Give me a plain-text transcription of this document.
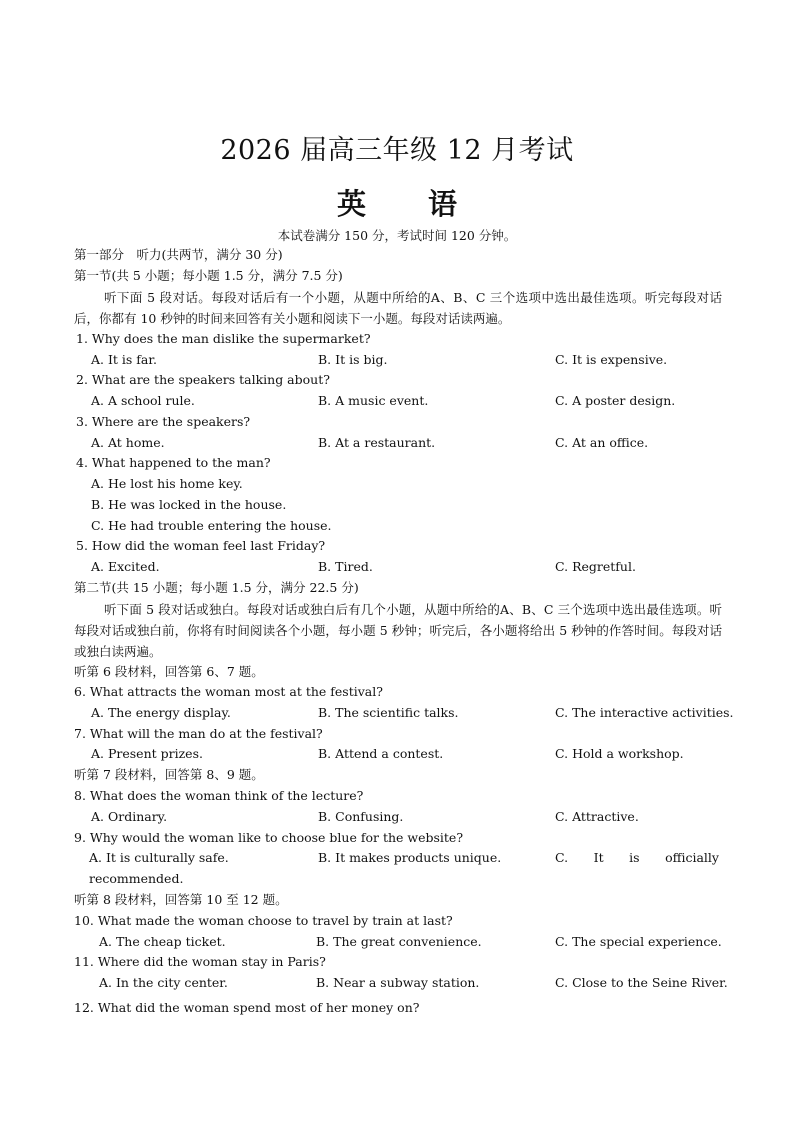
2026 届高三年级 12 月考试
英 语
本试卷满分 150 分，考试时间 120 分钟。
第一部分　听力(共两节，满分 30 分)
第一节(共 5 小题；每小题 1.5 分，满分 7.5 分)
听下面 5 段对话。每段对话后有一个小题，从题中所给的A、B、C 三个选项中选出最佳选项。听完每段对话后，你都有 10 秒钟的时间来回答有关小题和阅读下一小题。每段对话读两遍。
1. Why does the man dislike the supermarket?
A. It is far.	B. It is big.	C. It is expensive.
2. What are the speakers talking about?
A. A school rule.	B. A music event.	C. A poster design.
3. Where are the speakers?
A. At home.	B. At a restaurant.	C. At an office.
4. What happened to the man?
A. He lost his home key.
B. He was locked in the house.
C. He had trouble entering the house.
5. How did the woman feel last Friday?
A. Excited.	B. Tired.	C. Regretful.
第二节(共 15 小题；每小题 1.5 分，满分 22.5 分)
听下面 5 段对话或独白。每段对话或独白后有几个小题，从题中所给的A、B、C 三个选项中选出最佳选项。听每段对话或独白前，你将有时间阅读各个小题，每小题 5 秒钟；听完后，各小题将给出 5 秒钟的作答时间。每段对话或独白读两遍。
听第 6 段材料，回答第 6、7 题。
6. What attracts the woman most at the festival?
A. The energy display.	B. The scientific talks.	C. The interactive activities.
7. What will the man do at the festival?
A. Present prizes.	B. Attend a contest.	C. Hold a workshop.
听第 7 段材料，回答第 8、9 题。
8. What does the woman think of the lecture?
A. Ordinary.	B. Confusing.	C. Attractive.
9. Why would the woman like to choose blue for the website?
A. It is culturally safe.	B. It makes products unique.	C.　　It　　is　　officially
recommended.
听第 8 段材料，回答第 10 至 12 题。
10. What made the woman choose to travel by train at last?
A. The cheap ticket.	B. The great convenience.	C. The special experience.
11. Where did the woman stay in Paris?
A. In the city center.	B. Near a subway station.	C. Close to the Seine River.
12. What did the woman spend most of her money on?
